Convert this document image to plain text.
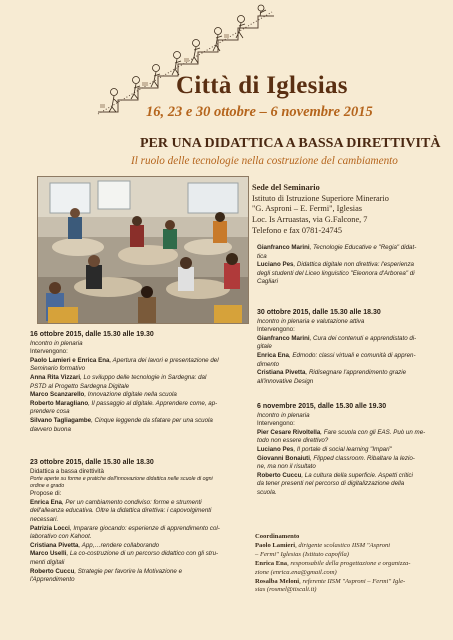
Città di Iglesias
16, 23 e 30 ottobre – 6 novembre 2015
PER UNA DIDATTICA A BASSA DIRETTIVITÀ
Il ruolo delle tecnologie nella costruzione del cambiamento
Sede del Seminario
Istituto di Istruzione Superiore Minerario
"G. Asproni – E. Fermi", Iglesias
Loc. Is Arruastas, via G.Falcone, 7
Telefono e fax 0781-24745
Gianfranco Marini, Tecnologie Educative e "Regia" didat-
tica
Luciano Pes, Didattica digitale non direttiva: l'esperienza
degli studenti del Liceo linguistico "Eleonora d'Arborea" di
Cagliari
16 ottobre 2015, dalle 15.30 alle 19.30
Incontro in plenaria
Intervengono:
Paolo Lamieri e Enrica Ena, Apertura dei lavori e presentazione del
Seminario formativo
Anna Rita Vizzari, Lo sviluppo delle tecnologie in Sardegna: dal
PSTD al Progetto Sardegna Digitale
Marco Scanzarello, Innovazione digitale nella scuola
Roberto Maragliano, Il passaggio al digitale. Apprendere come, ap-
prendere cosa
Silvano Tagliagambe, Cinque leggende da sfatare per una scuola
davvero buona
23 ottobre 2015, dalle 15.30 alle 18.30
Didattica a bassa direttività
Porte aperte su forme e pratiche dell'innovazione didattica nelle scuole di ogni
ordine e grado
Propose di:
Enrica Ena, Per un cambiamento condiviso: forme e strumenti
dell'alleanza educativa. Oltre la didattica direttiva: i capovolgimenti
necessari.
Patrizia Locci, Imparare giocando: esperienze di apprendimento col-
laborativo con Kahoot.
Cristiana Pivetta, App,…rendere collaborando
Marco Uselli, La co-costruzione di un percorso didattico con gli stru-
menti digitali
Roberto Cuccu, Strategie per favorire la Motivazione e
l'Apprendimento
30 ottobre 2015, dalle 15.30 alle 18.30
Incontro in plenaria e valutazione attiva
Intervengono:
Gianfranco Marini, Cura dei contenuti e apprendistato di-
gitale
Enrica Ena, Edmodo: classi virtuali e comunità di appren-
dimento
Cristiana Pivetta, Ridisegnare l'apprendimento grazie
all'innovative Design
6 novembre 2015, dalle 15.30 alle 19.30
Incontro in plenaria
Intervengono:
Pier Cesare Rivoltella, Fare scuola con gli EAS. Può un me-
todo non essere direttivo?
Luciano Pes, Il portale di social learning "Impari"
Giovanni Bonaiuti, Flipped classroom. Ribaltare la lezio-
ne, ma non il risultato
Roberto Cuccu, La cultura della superficie. Aspetti critici
da tener presenti nel percorso di digitalizzazione della
scuola.
Coordinamento
Paolo Lamieri, dirigente scolastico IISM "Asproni
– Fermi" Iglesias (Istituto capofila)
Enrica Ena, responsabile della progettazione e organizza-
zione (enrica.ena@gmail.com)
Rosalba Meloni, referente IISM "Asproni – Fermi" Igle-
sias (rosmel@tiscali.it)
